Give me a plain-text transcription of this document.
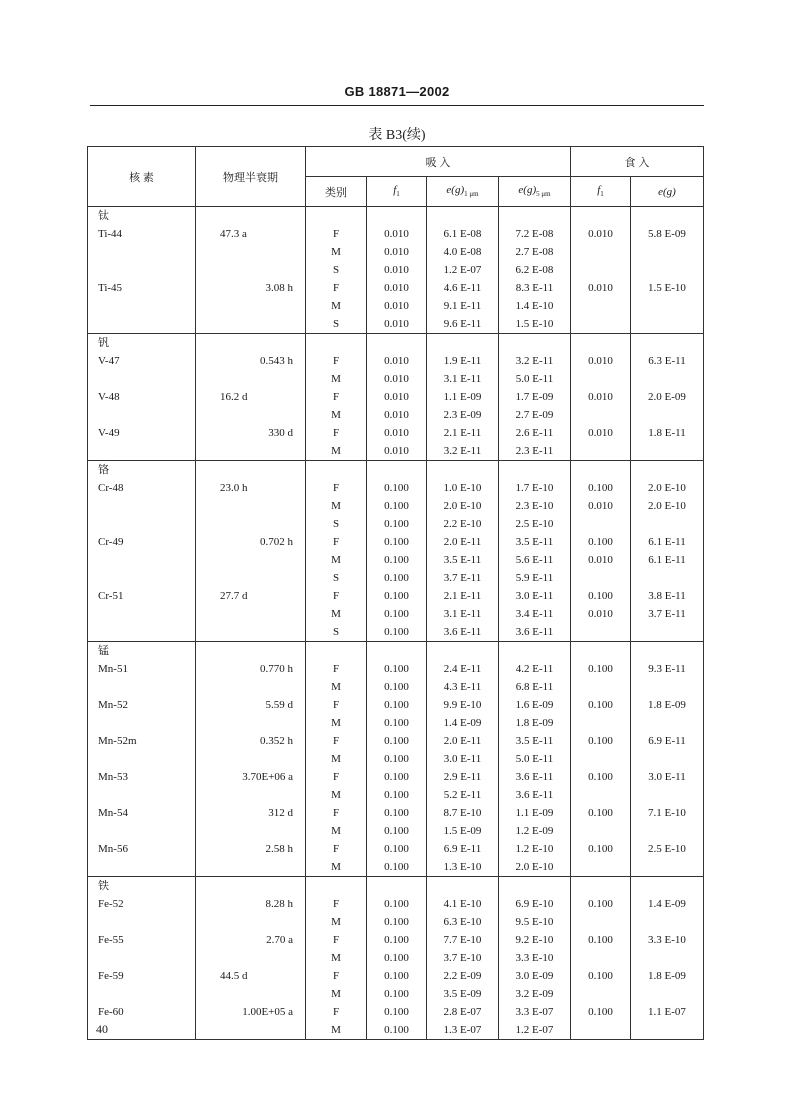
GB 18871—2002
表 B3(续)
核 素	物理半衰期	吸 入				食 入	
		类别	$f_1$	$e(g)_{1 \mu m}$	$e(g)_{5 \mu m}$	$f_1$	e(g)
钛							
Ti-44	47.3 a	F	0.010	6.1 E-08	7.2 E-08	0.010	5.8 E-09
		M	0.010	4.0 E-08	2.7 E-08		
		S	0.010	1.2 E-07	6.2 E-08		
Ti-45	3.08 h	F	0.010	4.6 E-11	8.3 E-11	0.010	1.5 E-10
		M	0.010	9.1 E-11	1.4 E-10		
		S	0.010	9.6 E-11	1.5 E-10		
钒							
V-47	0.543 h	F	0.010	1.9 E-11	3.2 E-11	0.010	6.3 E-11
		M	0.010	3.1 E-11	5.0 E-11		
V-48	16.2 d	F	0.010	1.1 E-09	1.7 E-09	0.010	2.0 E-09
		M	0.010	2.3 E-09	2.7 E-09		
V-49	330 d	F	0.010	2.1 E-11	2.6 E-11	0.010	1.8 E-11
		M	0.010	3.2 E-11	2.3 E-11		
铬							
Cr-48	23.0 h	F	0.100	1.0 E-10	1.7 E-10	0.100	2.0 E-10
		M	0.100	2.0 E-10	2.3 E-10	0.010	2.0 E-10
		S	0.100	2.2 E-10	2.5 E-10		
Cr-49	0.702 h	F	0.100	2.0 E-11	3.5 E-11	0.100	6.1 E-11
		M	0.100	3.5 E-11	5.6 E-11	0.010	6.1 E-11
		S	0.100	3.7 E-11	5.9 E-11		
Cr-51	27.7 d	F	0.100	2.1 E-11	3.0 E-11	0.100	3.8 E-11
		M	0.100	3.1 E-11	3.4 E-11	0.010	3.7 E-11
		S	0.100	3.6 E-11	3.6 E-11		
锰							
Mn-51	0.770 h	F	0.100	2.4 E-11	4.2 E-11	0.100	9.3 E-11
		M	0.100	4.3 E-11	6.8 E-11		
Mn-52	5.59 d	F	0.100	9.9 E-10	1.6 E-09	0.100	1.8 E-09
		M	0.100	1.4 E-09	1.8 E-09		
Mn-52m	0.352 h	F	0.100	2.0 E-11	3.5 E-11	0.100	6.9 E-11
		M	0.100	3.0 E-11	5.0 E-11		
Mn-53	3.70E+06 a	F	0.100	2.9 E-11	3.6 E-11	0.100	3.0 E-11
		M	0.100	5.2 E-11	3.6 E-11		
Mn-54	312 d	F	0.100	8.7 E-10	1.1 E-09	0.100	7.1 E-10
		M	0.100	1.5 E-09	1.2 E-09		
Mn-56	2.58 h	F	0.100	6.9 E-11	1.2 E-10	0.100	2.5 E-10
		M	0.100	1.3 E-10	2.0 E-10		
铁							
Fe-52	8.28 h	F	0.100	4.1 E-10	6.9 E-10	0.100	1.4 E-09
		M	0.100	6.3 E-10	9.5 E-10		
Fe-55	2.70 a	F	0.100	7.7 E-10	9.2 E-10	0.100	3.3 E-10
		M	0.100	3.7 E-10	3.3 E-10		
Fe-59	44.5 d	F	0.100	2.2 E-09	3.0 E-09	0.100	1.8 E-09
		M	0.100	3.5 E-09	3.2 E-09		
Fe-60	1.00E+05 a	F	0.100	2.8 E-07	3.3 E-07	0.100	1.1 E-07
		M	0.100	1.3 E-07	1.2 E-07		
40
